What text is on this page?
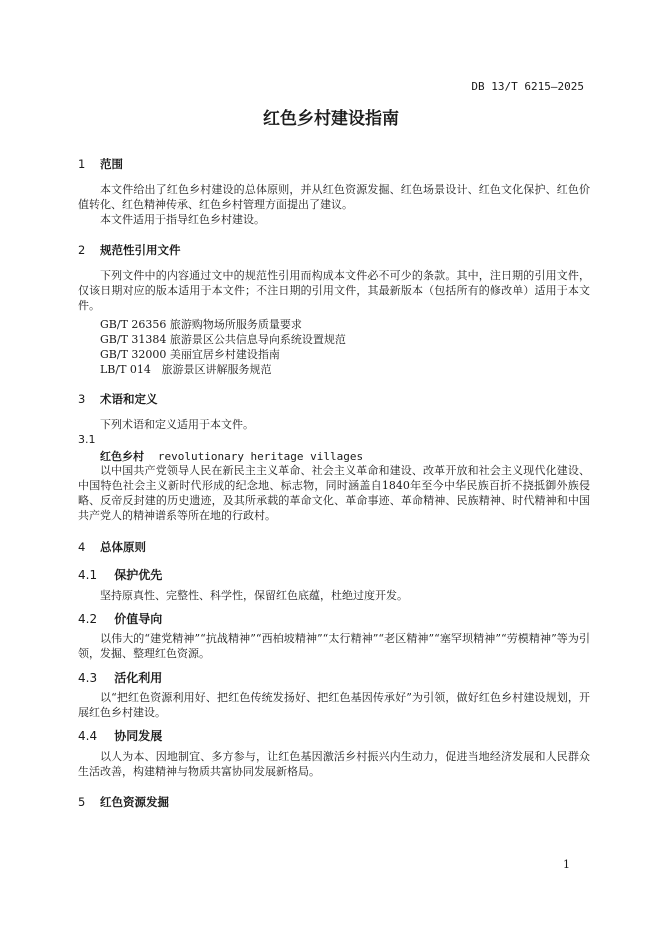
DB 13/T 6215—2025
红色乡村建设指南
1 范围
本文件给出了红色乡村建设的总体原则，并从红色资源发掘、红色场景设计、红色文化保护、红色价值转化、红色精神传承、红色乡村管理方面提出了建议。
本文件适用于指导红色乡村建设。
2 规范性引用文件
下列文件中的内容通过文中的规范性引用而构成本文件必不可少的条款。其中，注日期的引用文件，仅该日期对应的版本适用于本文件；不注日期的引用文件，其最新版本（包括所有的修改单）适用于本文件。
GB/T 26356 旅游购物场所服务质量要求
GB/T 31384 旅游景区公共信息导向系统设置规范
GB/T 32000 美丽宜居乡村建设指南
LB/T 014 旅游景区讲解服务规范
3 术语和定义
下列术语和定义适用于本文件。
3.1
红色乡村 revolutionary heritage villages
以中国共产党领导人民在新民主主义革命、社会主义革命和建设、改革开放和社会主义现代化建设、中国特色社会主义新时代形成的纪念地、标志物，同时涵盖自1840年至今中华民族百折不挠抵御外族侵略、反帝反封建的历史遗迹，及其所承载的革命文化、革命事迹、革命精神、民族精神、时代精神和中国共产党人的精神谱系等所在地的行政村。
4 总体原则
4.1 保护优先
坚持原真性、完整性、科学性，保留红色底蕴，杜绝过度开发。
4.2 价值导向
以伟大的“建党精神”“抗战精神”“西柏坡精神”“太行精神”“老区精神”“塞罕坝精神”“劳模精神”等为引领，发掘、整理红色资源。
4.3 活化利用
以“把红色资源利用好、把红色传统发扬好、把红色基因传承好”为引领，做好红色乡村建设规划，开展红色乡村建设。
4.4 协同发展
以人为本、因地制宜、多方参与，让红色基因激活乡村振兴内生动力，促进当地经济发展和人民群众生活改善，构建精神与物质共富协同发展新格局。
5 红色资源发掘
1
